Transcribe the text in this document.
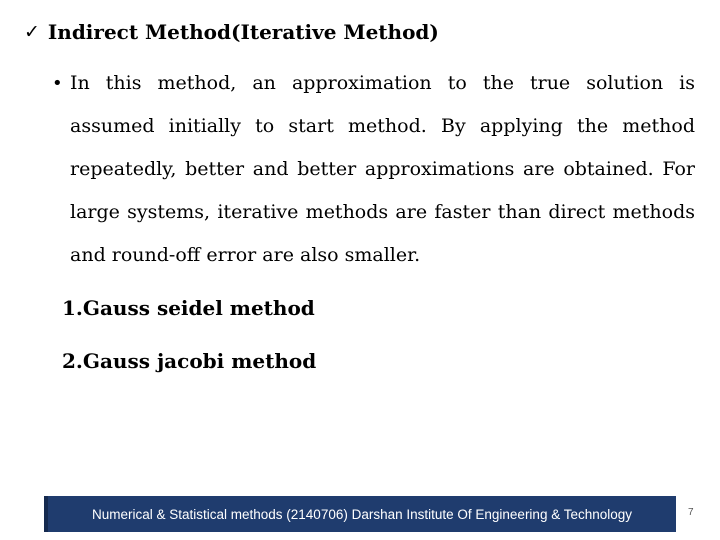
✓ Indirect Method(Iterative Method)
• In this method, an approximation to the true solution is assumed initially to start method. By applying the method repeatedly, better and better approximations are obtained. For large systems, iterative methods are faster than direct methods and round-off error are also smaller.
1.Gauss seidel method
2.Gauss jacobi method
Numerical & Statistical methods (2140706) Darshan Institute Of Engineering & Technology	7
